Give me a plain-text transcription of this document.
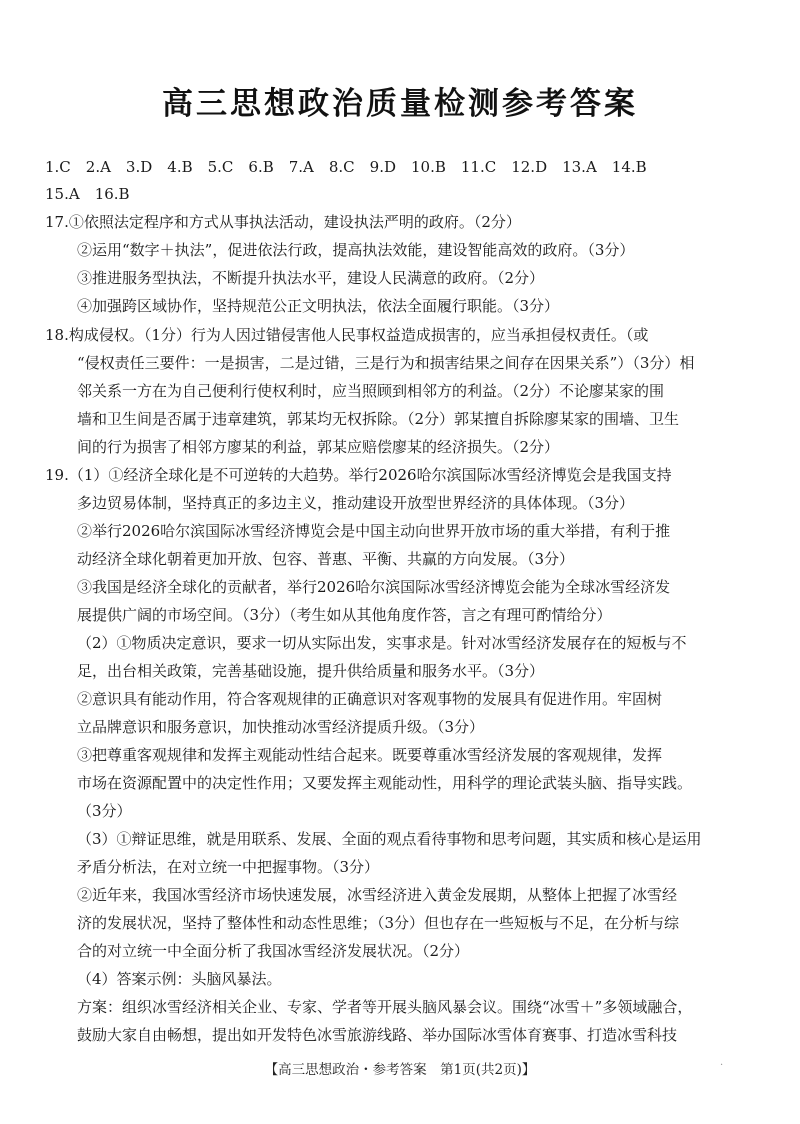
高三思想政治质量检测参考答案
1.C　2.A　3.D　4.B　5.C　6.B　7.A　8.C　9.D　10.B　11.C　12.D　13.A　14.B
15.A　16.B
17.①依照法定程序和方式从事执法活动，建设执法严明的政府。（2分）
②运用“数字＋执法”，促进依法行政，提高执法效能，建设智能高效的政府。（3分）
③推进服务型执法，不断提升执法水平，建设人民满意的政府。（2分）
④加强跨区域协作，坚持规范公正文明执法，依法全面履行职能。（3分）
18.构成侵权。（1分）行为人因过错侵害他人民事权益造成损害的，应当承担侵权责任。（或
“侵权责任三要件：一是损害，二是过错，三是行为和损害结果之间存在因果关系”）（3分）相
邻关系一方在为自己便利行使权利时，应当照顾到相邻方的利益。（2分）不论廖某家的围
墙和卫生间是否属于违章建筑，郭某均无权拆除。（2分）郭某擅自拆除廖某家的围墙、卫生
间的行为损害了相邻方廖某的利益，郭某应赔偿廖某的经济损失。（2分）
19.（1）①经济全球化是不可逆转的大趋势。举行2026哈尔滨国际冰雪经济博览会是我国支持
多边贸易体制，坚持真正的多边主义，推动建设开放型世界经济的具体体现。（3分）
②举行2026哈尔滨国际冰雪经济博览会是中国主动向世界开放市场的重大举措，有利于推
动经济全球化朝着更加开放、包容、普惠、平衡、共赢的方向发展。（3分）
③我国是经济全球化的贡献者，举行2026哈尔滨国际冰雪经济博览会能为全球冰雪经济发
展提供广阔的市场空间。（3分）（考生如从其他角度作答，言之有理可酌情给分）
（2）①物质决定意识，要求一切从实际出发，实事求是。针对冰雪经济发展存在的短板与不
足，出台相关政策，完善基础设施，提升供给质量和服务水平。（3分）
②意识具有能动作用，符合客观规律的正确意识对客观事物的发展具有促进作用。牢固树
立品牌意识和服务意识，加快推动冰雪经济提质升级。（3分）
③把尊重客观规律和发挥主观能动性结合起来。既要尊重冰雪经济发展的客观规律，发挥
市场在资源配置中的决定性作用；又要发挥主观能动性，用科学的理论武装头脑、指导实践。
（3分）
（3）①辩证思维，就是用联系、发展、全面的观点看待事物和思考问题，其实质和核心是运用
矛盾分析法，在对立统一中把握事物。（3分）
②近年来，我国冰雪经济市场快速发展，冰雪经济进入黄金发展期，从整体上把握了冰雪经
济的发展状况，坚持了整体性和动态性思维；（3分）但也存在一些短板与不足，在分析与综
合的对立统一中全面分析了我国冰雪经济发展状况。（2分）
（4）答案示例：头脑风暴法。
方案：组织冰雪经济相关企业、专家、学者等开展头脑风暴会议。围绕“冰雪＋”多领域融合，
鼓励大家自由畅想，提出如开发特色冰雪旅游线路、举办国际冰雪体育赛事、打造冰雪科技
【高三思想政治・参考答案　第1页(共2页)】	·
